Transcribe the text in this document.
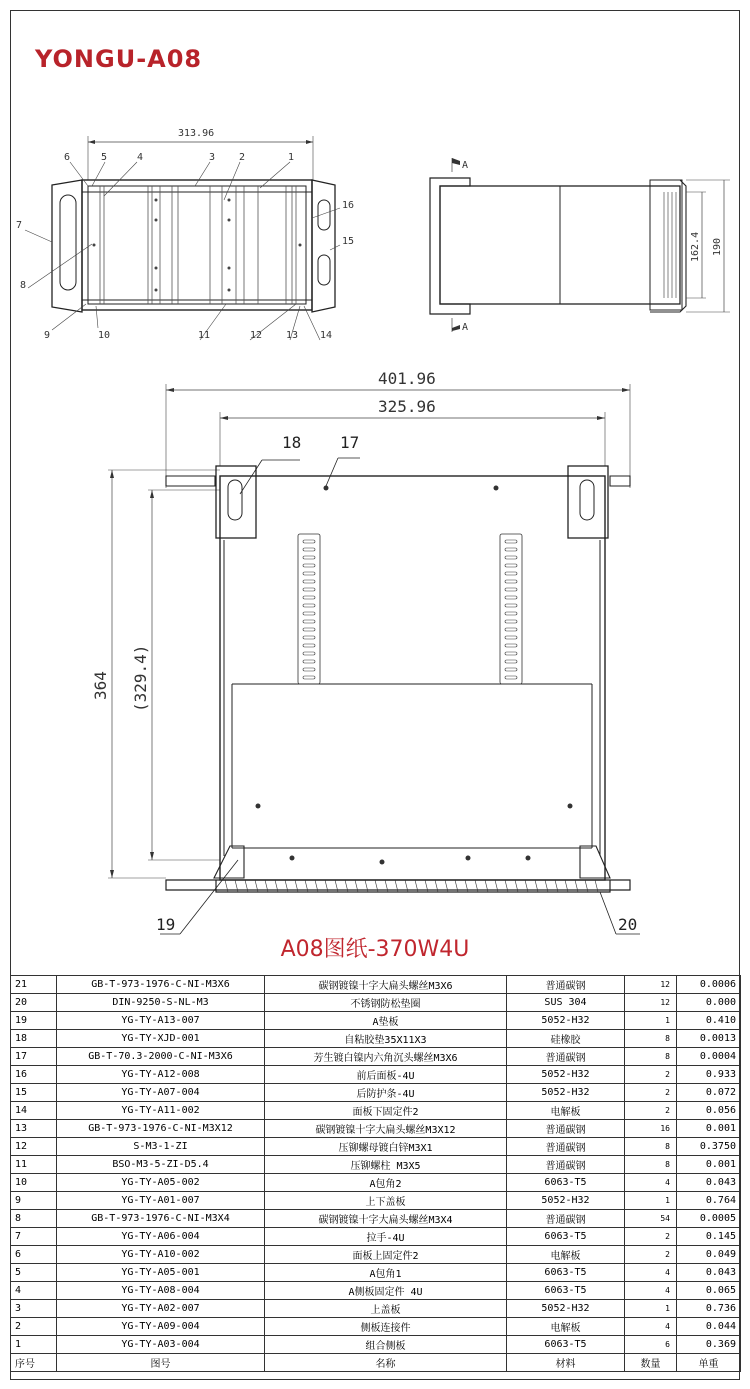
YONGU-A08
313.96
6	5	4	3 2	1
7
8
16
15
9	10	11	12 13 14
A
A
162.4 190
401.96
325.96
364 (329.4)
18 17
19	20
A08图纸-370W4U
21	GB-T-973-1976-C-NI-M3X6	碳钢镀镍十字大扁头螺丝M3X6	普通碳钢	12	0.0006
20	DIN-9250-S-NL-M3	不锈钢防松垫圈	SUS 304	12	0.000
19	YG-TY-A13-007	A垫板	5052-H32	1	0.410
18	YG-TY-XJD-001	自粘胶垫35X11X3	硅橡胶	8	0.0013
17	GB-T-70.3-2000-C-NI-M3X6	芳生镀白镍内六角沉头螺丝M3X6	普通碳钢	8	0.0004
16	YG-TY-A12-008	前后面板-4U	5052-H32	2	0.933
15	YG-TY-A07-004	后防护条-4U	5052-H32	2	0.072
14	YG-TY-A11-002	面板下固定件2	电解板	2	0.056
13	GB-T-973-1976-C-NI-M3X12	碳钢镀镍十字大扁头螺丝M3X12	普通碳钢	16	0.001
12	S-M3-1-ZI	压铆螺母镀白锌M3X1	普通碳钢	8	0.3750
11	BSO-M3-5-ZI-D5.4	压铆螺柱 M3X5	普通碳钢	8	0.001
10	YG-TY-A05-002	A包角2	6063-T5	4	0.043
9	YG-TY-A01-007	上下盖板	5052-H32	1	0.764
8	GB-T-973-1976-C-NI-M3X4	碳钢镀镍十字大扁头螺丝M3X4	普通碳钢	54	0.0005
7	YG-TY-A06-004	拉手-4U	6063-T5	2	0.145
6	YG-TY-A10-002	面板上固定件2	电解板	2	0.049
5	YG-TY-A05-001	A包角1	6063-T5	4	0.043
4	YG-TY-A08-004	A侧板固定件 4U	6063-T5	4	0.065
3	YG-TY-A02-007	上盖板	5052-H32	1	0.736
2	YG-TY-A09-004	侧板连接件	电解板	4	0.044
1	YG-TY-A03-004	组合侧板	6063-T5	6	0.369
序号	图号	名称	材料	数量	单重
